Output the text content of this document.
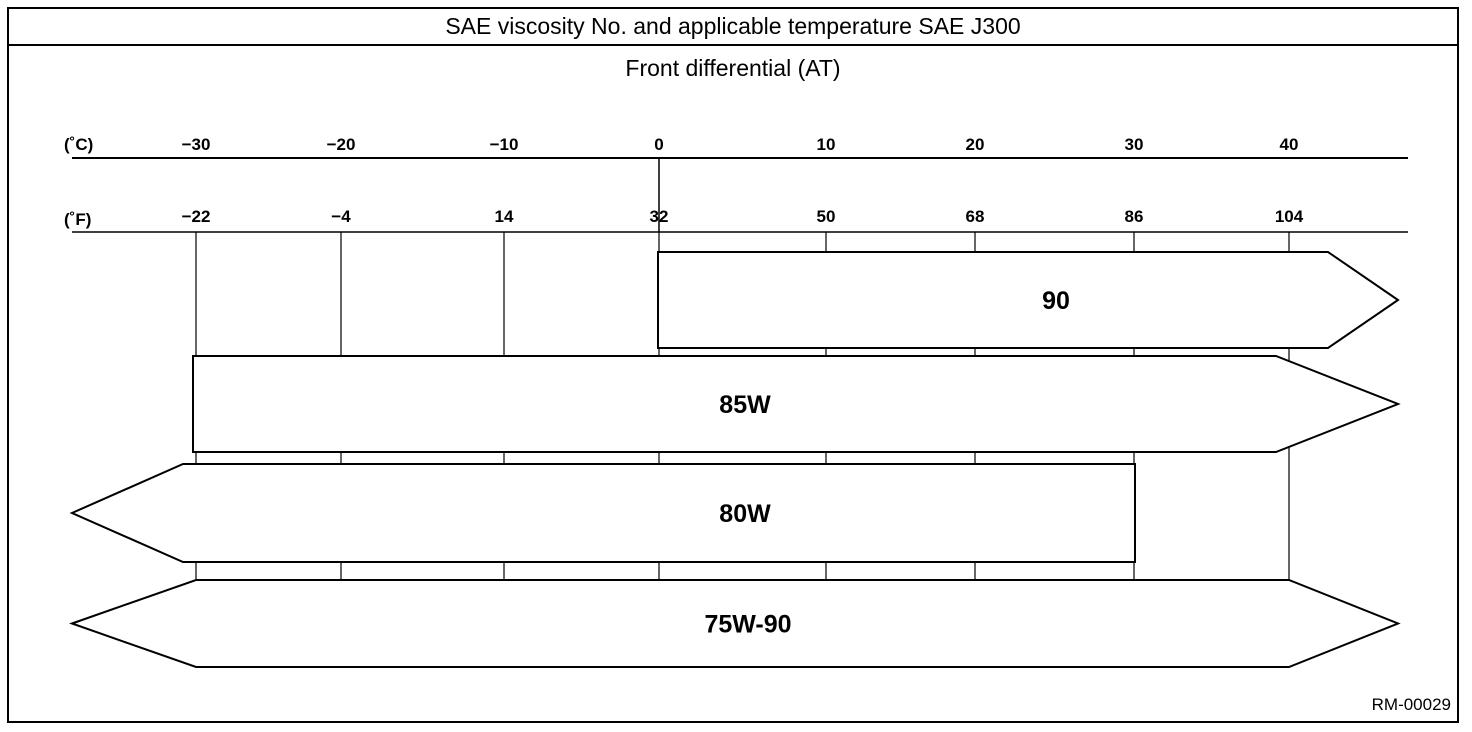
SAE viscosity No. and applicable temperature SAE J300
Front differential (AT)
RM-00029
(˚C)
(˚F)
−30	−20	−10	0	10	20	30	40
−22	−4	14	32	50	68	86	104
90
85W
80W
75W-90
